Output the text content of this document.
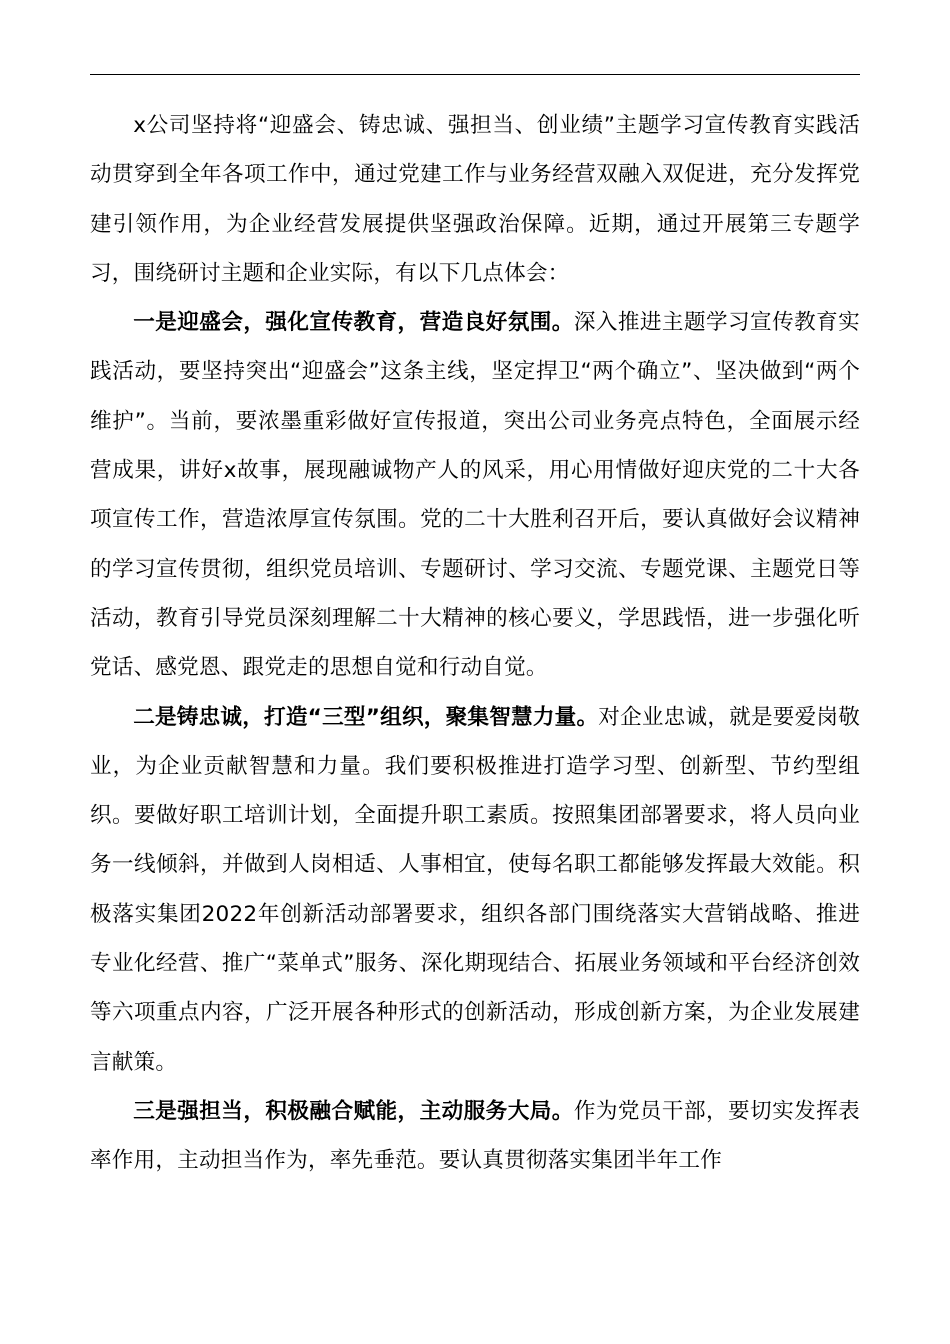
x公司坚持将“迎盛会、铸忠诚、强担当、创业绩”主题学习宣传教育实践活动贯穿到全年各项工作中，通过党建工作与业务经营双融入双促进，充分发挥党建引领作用，为企业经营发展提供坚强政治保障。近期，通过开展第三专题学习，围绕研讨主题和企业实际，有以下几点体会：

一是迎盛会，强化宣传教育，营造良好氛围。深入推进主题学习宣传教育实践活动，要坚持突出“迎盛会”这条主线，坚定捍卫“两个确立”、坚决做到“两个维护”。当前，要浓墨重彩做好宣传报道，突出公司业务亮点特色，全面展示经营成果，讲好x故事，展现融诚物产人的风采，用心用情做好迎庆党的二十大各项宣传工作，营造浓厚宣传氛围。党的二十大胜利召开后，要认真做好会议精神的学习宣传贯彻，组织党员培训、专题研讨、学习交流、专题党课、主题党日等活动，教育引导党员深刻理解二十大精神的核心要义，学思践悟，进一步强化听党话、感党恩、跟党走的思想自觉和行动自觉。

二是铸忠诚，打造“三型”组织，聚集智慧力量。对企业忠诚，就是要爱岗敬业，为企业贡献智慧和力量。我们要积极推进打造学习型、创新型、节约型组织。要做好职工培训计划，全面提升职工素质。按照集团部署要求，将人员向业务一线倾斜，并做到人岗相适、人事相宜，使每名职工都能够发挥最大效能。积极落实集团2022年创新活动部署要求，组织各部门围绕落实大营销战略、推进专业化经营、推广“菜单式”服务、深化期现结合、拓展业务领域和平台经济创效等六项重点内容，广泛开展各种形式的创新活动，形成创新方案，为企业发展建言献策。

三是强担当，积极融合赋能，主动服务大局。作为党员干部，要切实发挥表率作用，主动担当作为，率先垂范。要认真贯彻落实集团半年工作
